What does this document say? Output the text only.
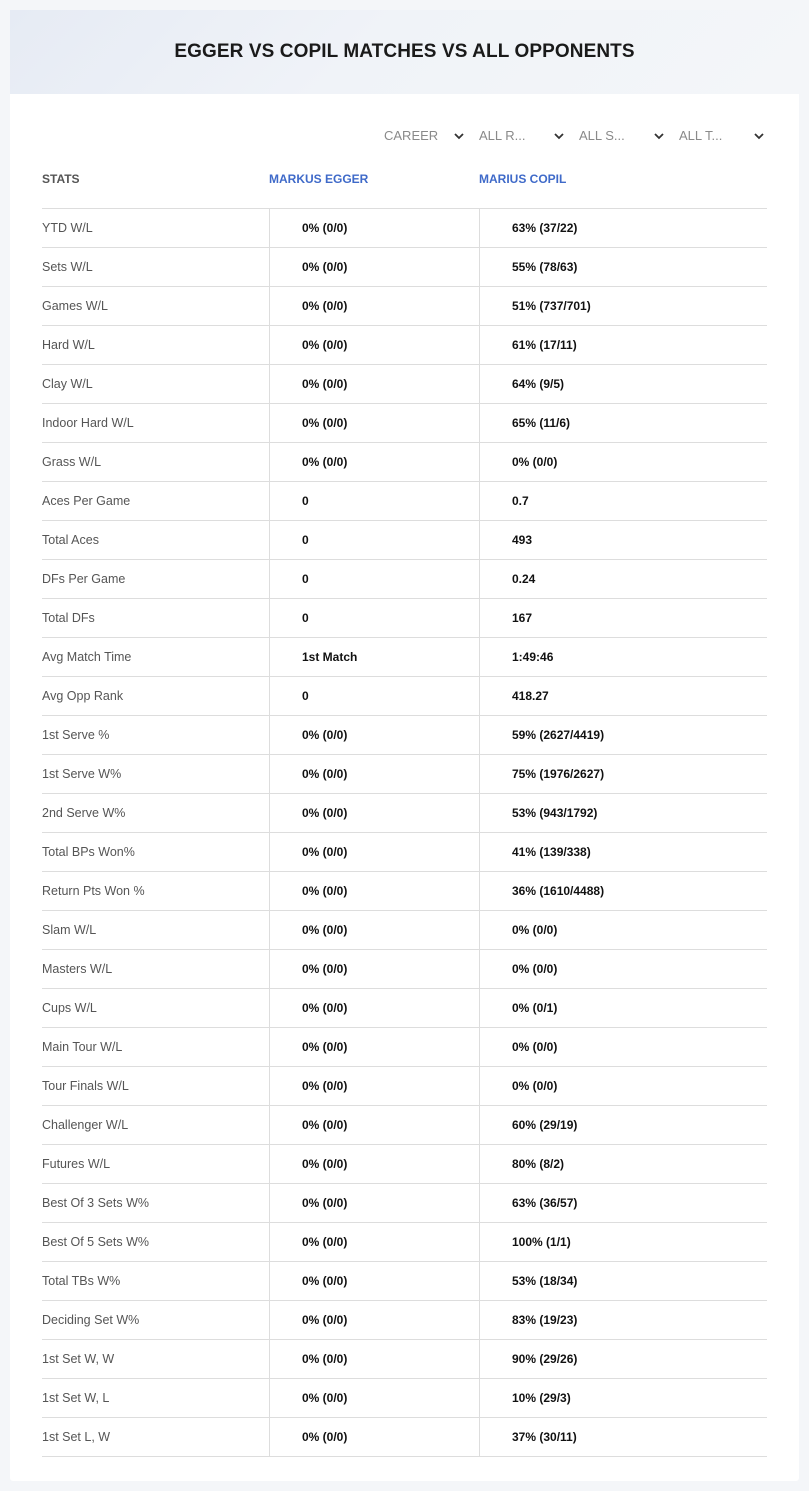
EGGER VS COPIL MATCHES VS ALL OPPONENTS
CAREER	ALL R...	ALL S...	ALL T...
STATS	MARKUS EGGER	MARIUS COPIL
YTD W/L	0% (0/0)	63% (37/22)
Sets W/L	0% (0/0)	55% (78/63)
Games W/L	0% (0/0)	51% (737/701)
Hard W/L	0% (0/0)	61% (17/11)
Clay W/L	0% (0/0)	64% (9/5)
Indoor Hard W/L	0% (0/0)	65% (11/6)
Grass W/L	0% (0/0)	0% (0/0)
Aces Per Game	0	0.7
Total Aces	0	493
DFs Per Game	0	0.24
Total DFs	0	167
Avg Match Time	1st Match	1:49:46
Avg Opp Rank	0	418.27
1st Serve %	0% (0/0)	59% (2627/4419)
1st Serve W%	0% (0/0)	75% (1976/2627)
2nd Serve W%	0% (0/0)	53% (943/1792)
Total BPs Won%	0% (0/0)	41% (139/338)
Return Pts Won %	0% (0/0)	36% (1610/4488)
Slam W/L	0% (0/0)	0% (0/0)
Masters W/L	0% (0/0)	0% (0/0)
Cups W/L	0% (0/0)	0% (0/1)
Main Tour W/L	0% (0/0)	0% (0/0)
Tour Finals W/L	0% (0/0)	0% (0/0)
Challenger W/L	0% (0/0)	60% (29/19)
Futures W/L	0% (0/0)	80% (8/2)
Best Of 3 Sets W%	0% (0/0)	63% (36/57)
Best Of 5 Sets W%	0% (0/0)	100% (1/1)
Total TBs W%	0% (0/0)	53% (18/34)
Deciding Set W%	0% (0/0)	83% (19/23)
1st Set W, W	0% (0/0)	90% (29/26)
1st Set W, L	0% (0/0)	10% (29/3)
1st Set L, W	0% (0/0)	37% (30/11)
